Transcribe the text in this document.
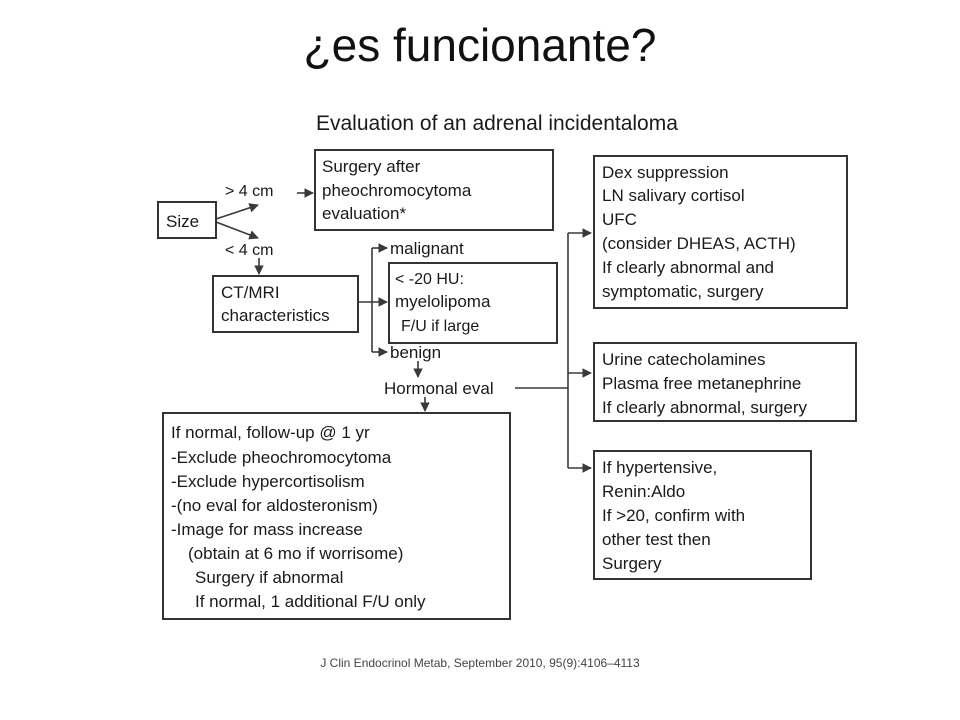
¿es funcionante?
Evaluation of an adrenal incidentaloma
Size
> 4 cm
< 4 cm
Surgery after
pheochromocytoma
evaluation*
CT/MRI
characteristics
malignant
< -20 HU:
myelolipoma
F/U if large
benign
Hormonal eval
If normal, follow-up @ 1 yr
-Exclude pheochromocytoma
-Exclude hypercortisolism
-(no eval for aldosteronism)
-Image for mass increase
(obtain at 6 mo if worrisome)
Surgery if abnormal
If normal, 1 additional F/U only
Dex suppression
LN salivary cortisol
UFC
(consider DHEAS, ACTH)
If clearly abnormal and
symptomatic, surgery
Urine catecholamines
Plasma free metanephrine
If clearly abnormal, surgery
If hypertensive,
Renin:Aldo
If >20, confirm with
other test then
Surgery
J Clin Endocrinol Metab, September 2010, 95(9):4106–4113
